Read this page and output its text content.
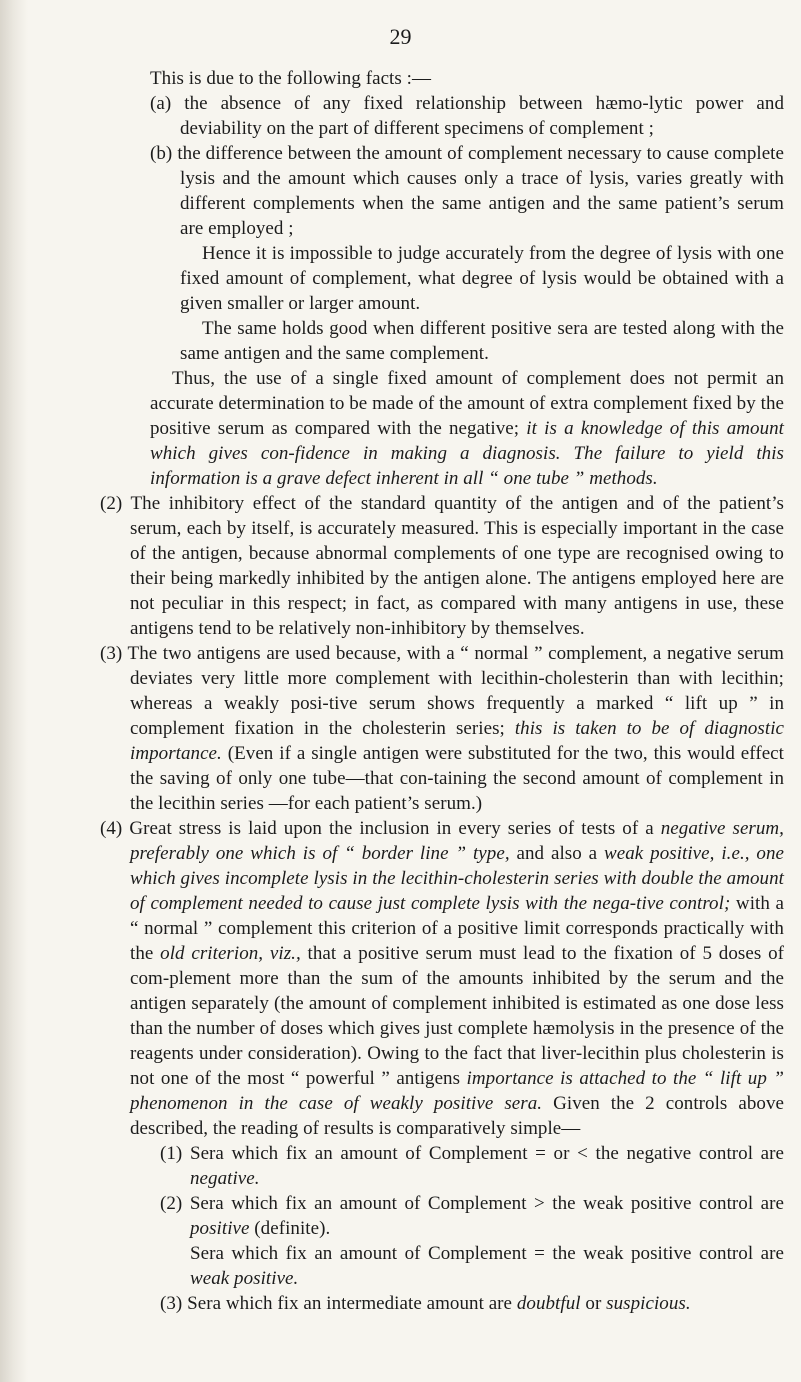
29

This is due to the following facts :—

(a) the absence of any fixed relationship between hæmo-lytic power and deviability on the part of different specimens of complement ;

(b) the difference between the amount of complement necessary to cause complete lysis and the amount which causes only a trace of lysis, varies greatly with different complements when the same antigen and the same patient’s serum are employed ;

Hence it is impossible to judge accurately from the degree of lysis with one fixed amount of complement, what degree of lysis would be obtained with a given smaller or larger amount.

The same holds good when different positive sera are tested along with the same antigen and the same complement.

Thus, the use of a single fixed amount of complement does not permit an accurate determination to be made of the amount of extra complement fixed by the positive serum as compared with the negative; it is a knowledge of this amount which gives con-fidence in making a diagnosis. The failure to yield this information is a grave defect inherent in all “ one tube ” methods.

(2) The inhibitory effect of the standard quantity of the antigen and of the patient’s serum, each by itself, is accurately measured. This is especially important in the case of the antigen, because abnormal complements of one type are recognised owing to their being markedly inhibited by the antigen alone. The antigens employed here are not peculiar in this respect; in fact, as compared with many antigens in use, these antigens tend to be relatively non-inhibitory by themselves.

(3) The two antigens are used because, with a “ normal ” complement, a negative serum deviates very little more complement with lecithin-cholesterin than with lecithin; whereas a weakly posi-tive serum shows frequently a marked “ lift up ” in complement fixation in the cholesterin series; this is taken to be of diagnostic importance. (Even if a single antigen were substituted for the two, this would effect the saving of only one tube—that con-taining the second amount of complement in the lecithin series —for each patient’s serum.)

(4) Great stress is laid upon the inclusion in every series of tests of a negative serum, preferably one which is of “ border line ” type, and also a weak positive, i.e., one which gives incomplete lysis in the lecithin-cholesterin series with double the amount of complement needed to cause just complete lysis with the nega-tive control; with a “ normal ” complement this criterion of a positive limit corresponds practically with the old criterion, viz., that a positive serum must lead to the fixation of 5 doses of com-plement more than the sum of the amounts inhibited by the serum and the antigen separately (the amount of complement inhibited is estimated as one dose less than the number of doses which gives just complete hæmolysis in the presence of the reagents under consideration). Owing to the fact that liver-lecithin plus cholesterin is not one of the most “ powerful ” antigens importance is attached to the “ lift up ” phenomenon in the case of weakly positive sera. Given the 2 controls above described, the reading of results is comparatively simple—

(1) Sera which fix an amount of Complement = or < the negative control are negative.

(2) Sera which fix an amount of Complement > the weak positive control are positive (definite).

Sera which fix an amount of Complement = the weak positive control are weak positive.

(3) Sera which fix an intermediate amount are doubtful or suspicious.
